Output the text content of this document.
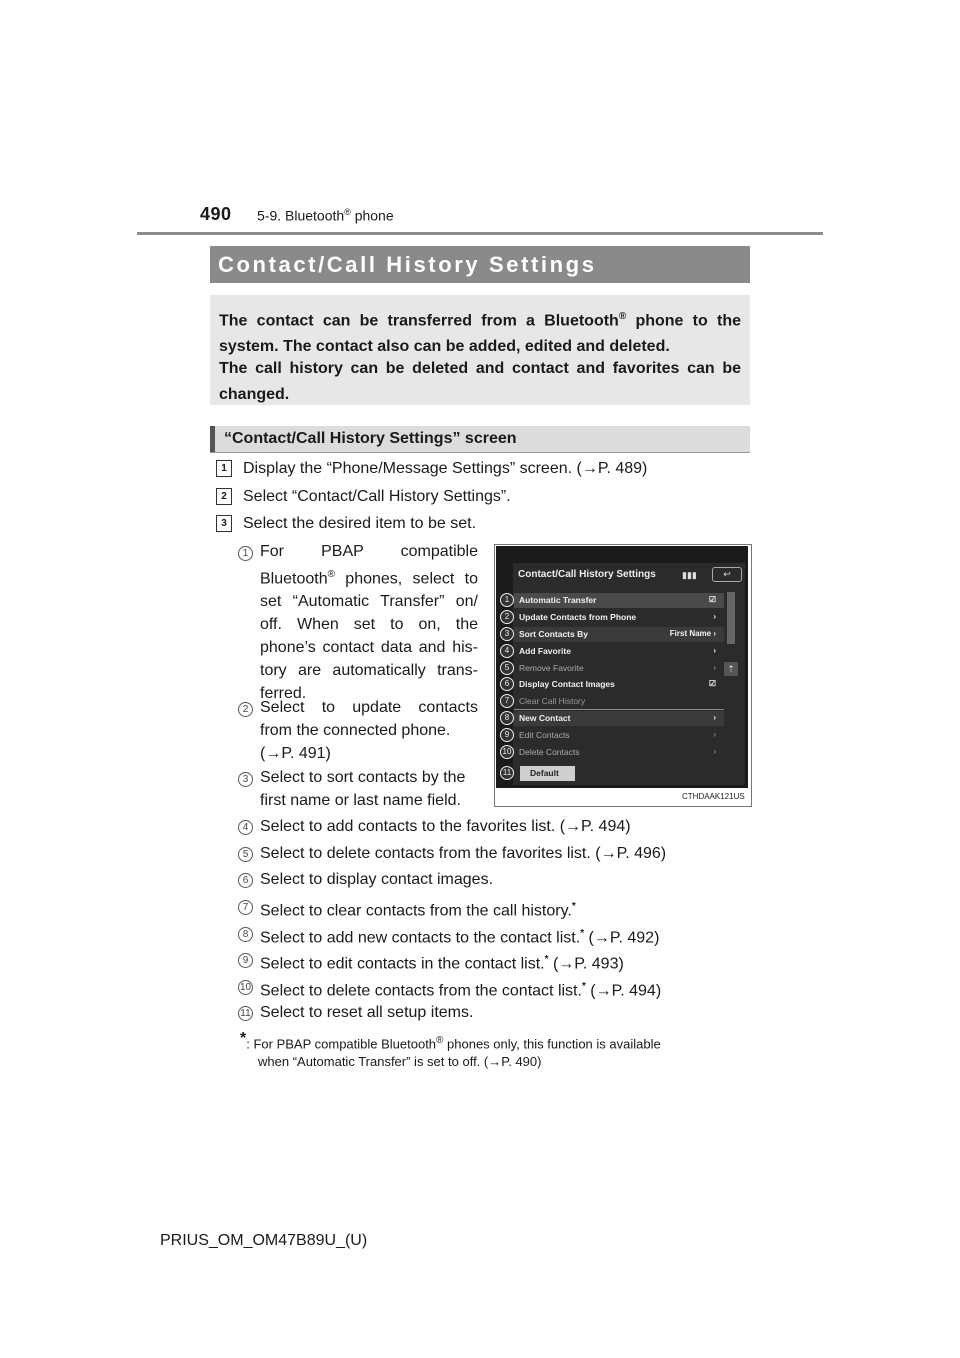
490 5-9. Bluetooth® phone
Contact/Call History Settings

The contact can be transferred from a Bluetooth® phone to the system. The contact also can be added, edited and deleted.

The call history can be deleted and contact and favorites can be changed.

“Contact/Call History Settings” screen
1	Display the “Phone/Message Settings” screen. (→P. 489)
2	Select “Contact/Call History Settings”.
3	Select the desired item to be set.
1 For PBAP compatible
Bluetooth® phones, select to
set “Automatic Transfer” on/
off. When set to on, the
phone’s contact data and his-
tory are automatically trans-
ferred.
2 Select to update contacts
from the connected phone.
(→P. 491)
3 Select to sort contacts by the
first name or last name field.
4 Select to add contacts to the favorites list. (→P. 494)
5 Select to delete contacts from the favorites list. (→P. 496)
6 Select to display contact images.
7 Select to clear contacts from the call history.*
8 Select to add new contacts to the contact list.* (→P. 492)
9 Select to edit contacts in the contact list.* (→P. 493)
10 Select to delete contacts from the contact list.* (→P. 494)
11 Select to reset all setup items.
*: For PBAP compatible Bluetooth® phones only, this function is available
when “Automatic Transfer” is set to off. (→P. 490)
Contact/Call History Settings	▮▮▮	↩
⇡
Automatic Transfer	☑
Update Contacts from Phone	›
Sort Contacts By	First Name ›
Add Favorite	›
Remove Favorite	›
Display Contact Images	☑
Clear Call History
New Contact	›
Edit Contacts	›
Delete Contacts	›
Default
1
2
3
4
5
6
7
8
9
10
11
CTHDAAK121US
PRIUS_OM_OM47B89U_(U)
